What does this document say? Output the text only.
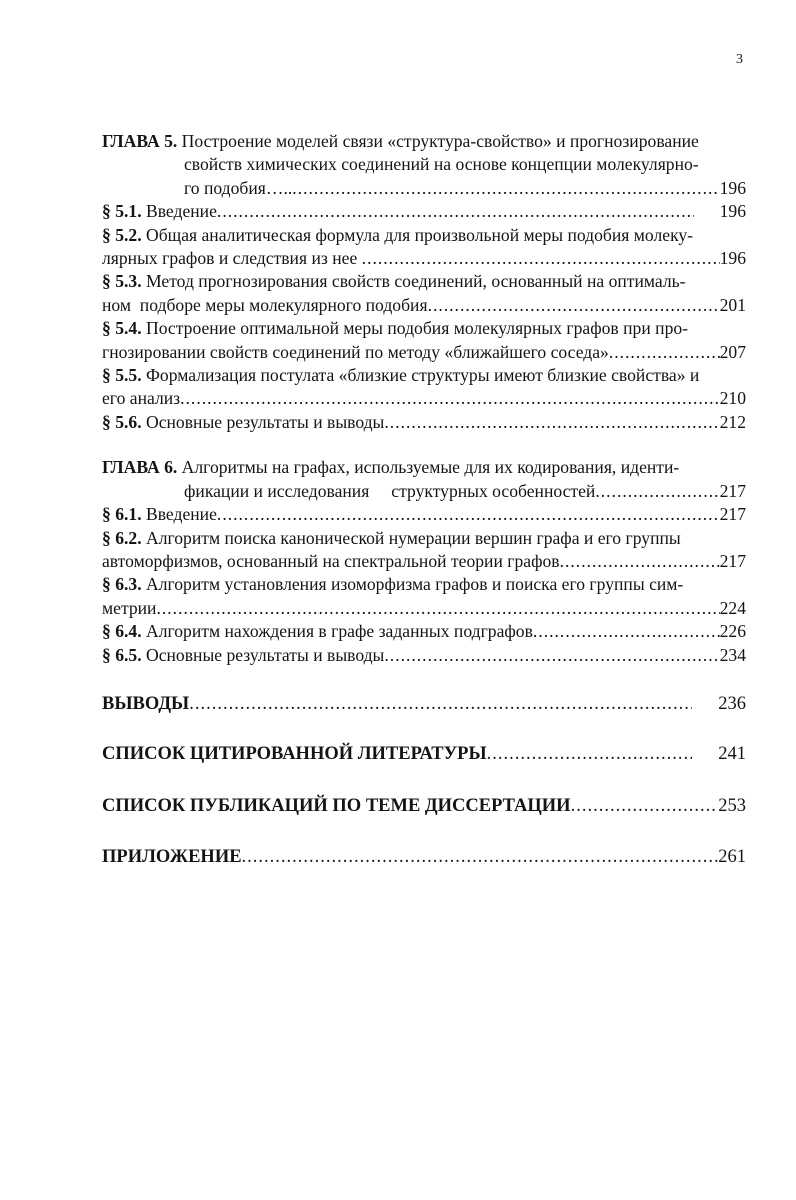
3
ГЛАВА 5. Построение моделей связи «структура-свойство» и прогнозирование
свойств химических соединений на основе концепции молекулярно-
го подобия….. .....	196
§ 5.1. Введение .....	196
§ 5.2. Общая аналитическая формула для произвольной меры подобия молеку-
лярных графов и следствия из нее .....	196
§ 5.3. Метод прогнозирования свойств соединений, основанный на оптималь-
ном  подборе меры молекулярного подобия .....	201
§ 5.4. Построение оптимальной меры подобия молекулярных графов при про-
гнозировании свойств соединений по методу «ближайшего соседа» .....	207
§ 5.5. Формализация постулата «близкие структуры имеют близкие свойства» и
его анализ .....	210
§ 5.6. Основные результаты и выводы .....	212
ГЛАВА 6. Алгоритмы на графах, используемые для их кодирования, иденти-
фикации и исследования     структурных особенностей .....	217
§ 6.1. Введение .....	217
§ 6.2. Алгоритм поиска канонической нумерации вершин графа и его группы
автоморфизмов, основанный на спектральной теории графов .....	217
§ 6.3. Алгоритм установления изоморфизма графов и поиска его группы сим-
метрии .....	224
§ 6.4. Алгоритм нахождения в графе заданных подграфов .....	226
§ 6.5. Основные результаты и выводы .....	234
ВЫВОДЫ .....	236
СПИСОК ЦИТИРОВАННОЙ ЛИТЕРАТУРЫ .....	241
СПИСОК ПУБЛИКАЦИЙ ПО ТЕМЕ ДИССЕРТАЦИИ .....	253
ПРИЛОЖЕНИЕ .....	261
